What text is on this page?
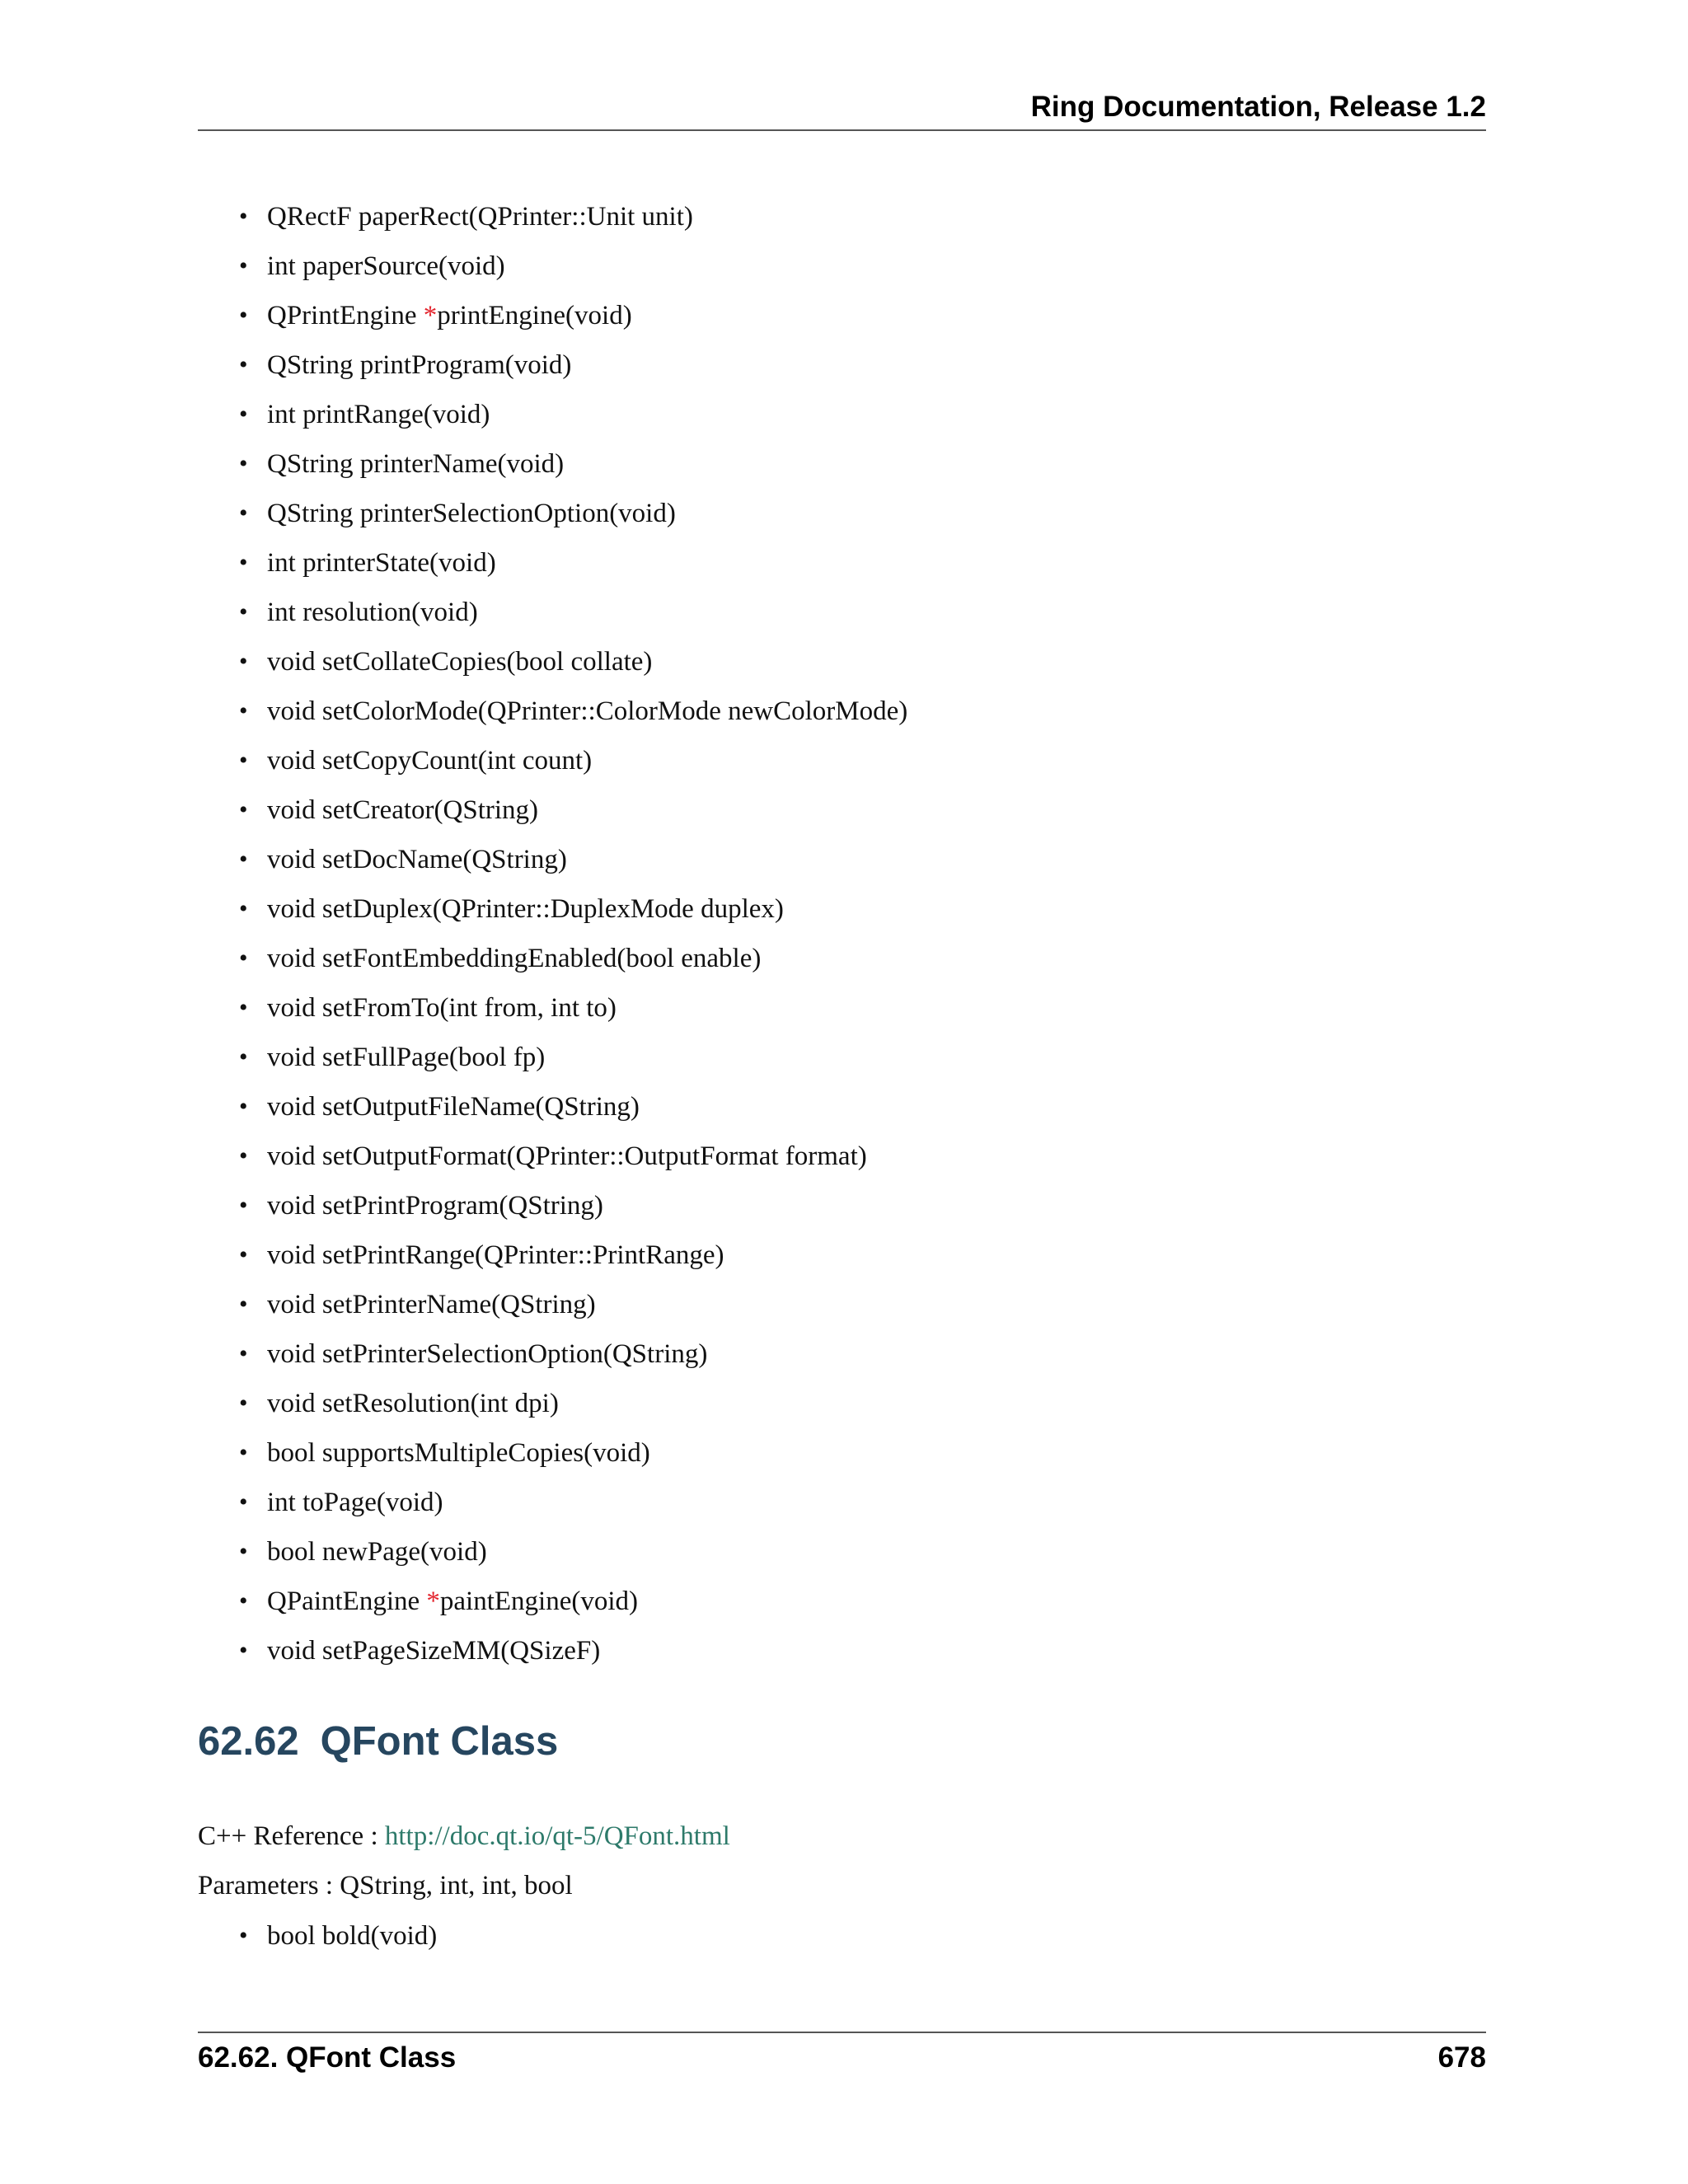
Ring Documentation, Release 1.2
• QRectF paperRect(QPrinter::Unit unit)
• int paperSource(void)
• QPrintEngine *printEngine(void)
• QString printProgram(void)
• int printRange(void)
• QString printerName(void)
• QString printerSelectionOption(void)
• int printerState(void)
• int resolution(void)
• void setCollateCopies(bool collate)
• void setColorMode(QPrinter::ColorMode newColorMode)
• void setCopyCount(int count)
• void setCreator(QString)
• void setDocName(QString)
• void setDuplex(QPrinter::DuplexMode duplex)
• void setFontEmbeddingEnabled(bool enable)
• void setFromTo(int from, int to)
• void setFullPage(bool fp)
• void setOutputFileName(QString)
• void setOutputFormat(QPrinter::OutputFormat format)
• void setPrintProgram(QString)
• void setPrintRange(QPrinter::PrintRange)
• void setPrinterName(QString)
• void setPrinterSelectionOption(QString)
• void setResolution(int dpi)
• bool supportsMultipleCopies(void)
• int toPage(void)
• bool newPage(void)
• QPaintEngine *paintEngine(void)
• void setPageSizeMM(QSizeF)
62.62 QFont Class

C++ Reference : http://doc.qt.io/qt-5/QFont.html

Parameters : QString, int, int, bool

• bool bold(void)
62.62. QFont Class	678
